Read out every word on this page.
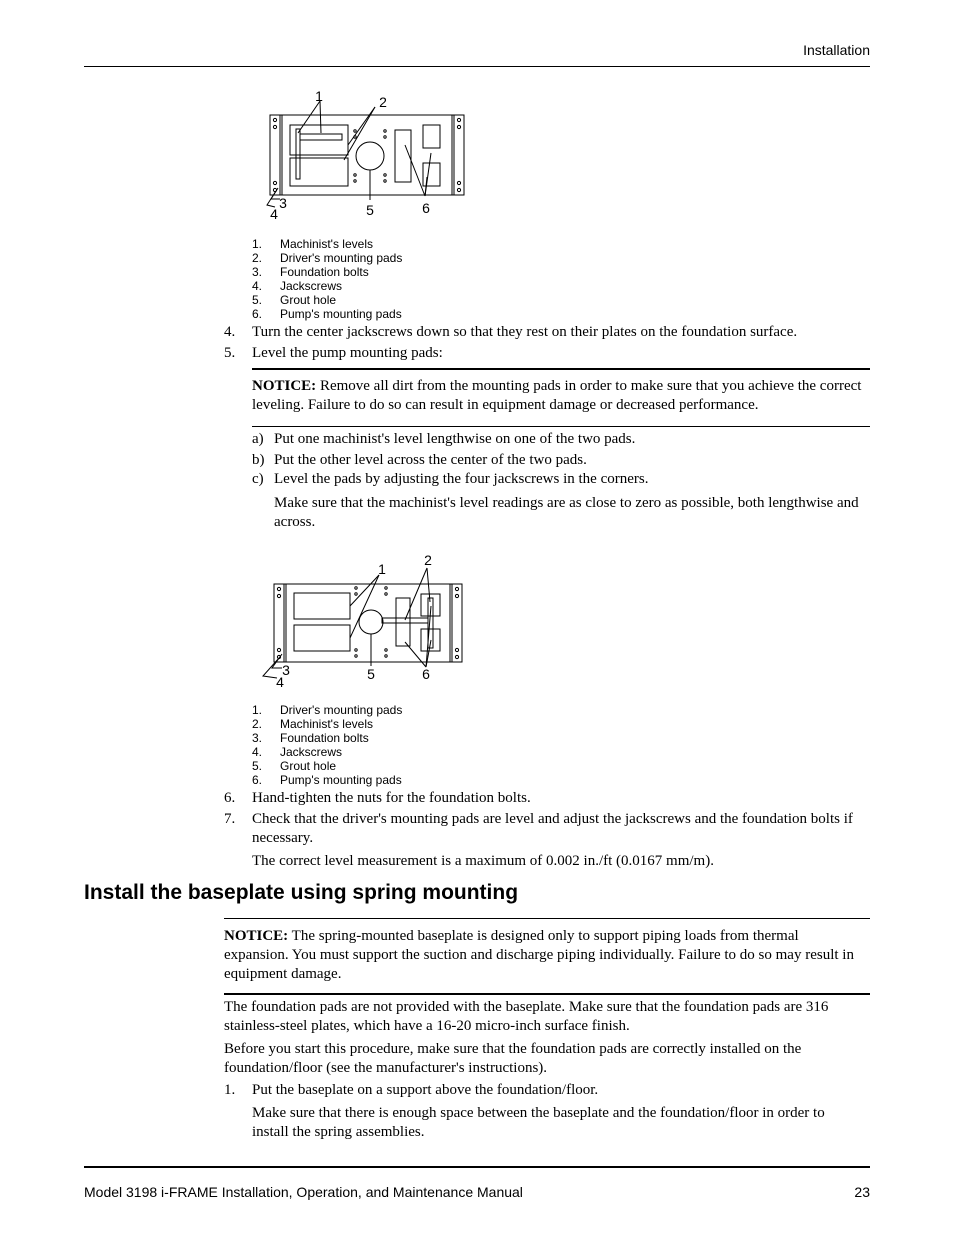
Installation
1	2
3
4	5	6
1.	Machinist's levels
2.	Driver's mounting pads
3.	Foundation bolts
4.	Jackscrews
5.	Grout hole
6.	Pump's mounting pads
4.	Turn the center jackscrews down so that they rest on their plates on the foundation surface.
5.	Level the pump mounting pads:
NOTICE: Remove all dirt from the mounting pads in order to make sure that you achieve the correct leveling. Failure to do so can result in equipment damage or decreased performance.
a) Put one machinist's level lengthwise on one of the two pads.
b) Put the other level across the center of the two pads.
c) Level the pads by adjusting the four jackscrews in the corners.
Make sure that the machinist's level readings are as close to zero as possible, both lengthwise and across.
1
2
3
4	5	6
1.	Driver's mounting pads
2.	Machinist's levels
3.	Foundation bolts
4.	Jackscrews
5.	Grout hole
6.	Pump's mounting pads
6.	Hand-tighten the nuts for the foundation bolts.
7.	Check that the driver's mounting pads are level and adjust the jackscrews and the foundation bolts if necessary.
The correct level measurement is a maximum of 0.002 in./ft (0.0167 mm/m).
Install the baseplate using spring mounting
NOTICE: The spring-mounted baseplate is designed only to support piping loads from thermal expansion. You must support the suction and discharge piping individually. Failure to do so may result in equipment damage.
The foundation pads are not provided with the baseplate. Make sure that the foundation pads are 316 stainless-steel plates, which have a 16-20 micro-inch surface finish.
Before you start this procedure, make sure that the foundation pads are correctly installed on the foundation/floor (see the manufacturer's instructions).
1.	Put the baseplate on a support above the foundation/floor.
Make sure that there is enough space between the baseplate and the foundation/floor in order to install the spring assemblies.
Model 3198 i-FRAME Installation, Operation, and Maintenance Manual	23
